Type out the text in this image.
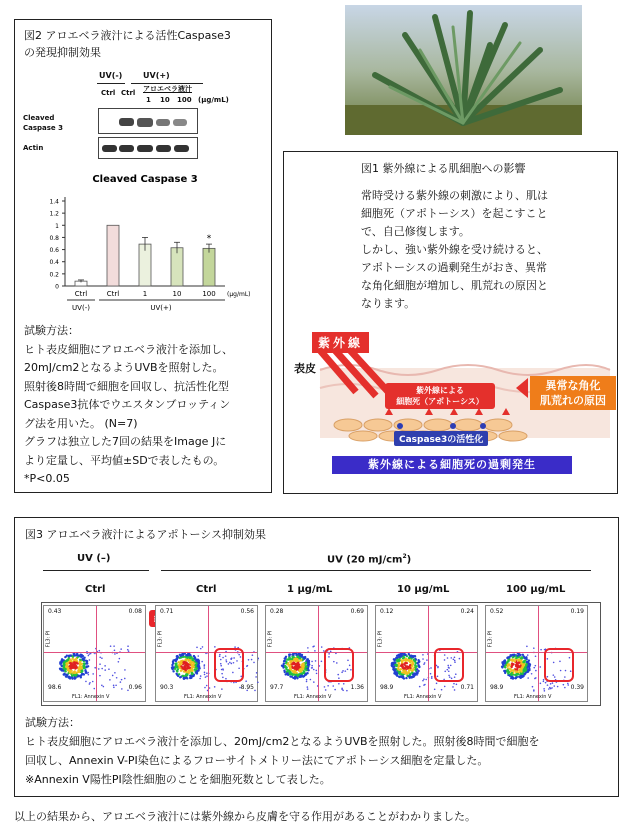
図2 アロエベラ液汁による活性Caspase3
の発現抑制効果
UV(-)	UV(+)
Ctrl Ctrl アロエベラ液汁
1 10 100 (μg/mL)
Cleaved
Caspase 3
Actin
Cleaved Caspase 3
0
0.2
0.4
0.6
0.8
1
1.2
1.4
Ctrl	Ctrl	1	10
*
100 (μg/mL)
UV(-)	UV(+)
試験方法：
ヒト表皮細胞にアロエベラ液汁を添加し、
20mJ/cm2となるようUVBを照射した。
照射後8時間で細胞を回収し、抗活性化型
Caspase3抗体でウエスタンブロッティン
グ法を用いた。 (N=7)
グラフは独立した7回の結果をImage Jに
より定量し、平均値±SDで表したもの。
*P<0.05
図1 紫外線による肌細胞への影響
常時受ける紫外線の刺激により、肌は
細胞死（アポトーシス）を起こすこと
で、自己修復します。
しかし、強い紫外線を受け続けると、
アポトーシスの過剰発生がおき、異常
な角化細胞が増加し、肌荒れの原因と
なります。
紫外線
表皮
紫外線による
細胞死（アポトーシス）
Caspase3の活性化
異常な角化
肌荒れの原因
紫外線による細胞死の過剰発生
図3 アロエベラ液汁によるアポトーシス抑制効果
UV (–)	UV (20 $mJ/cm^2$)
Ctrl	Ctrl	1 μg/mL	10 μg/mL	100 μg/mL
試験方法：
ヒト表皮細胞にアロエベラ液汁を添加し、20mJ/cm2となるようUVBを照射した。照射後8時間で細胞を
回収し、Annexin V-PI染色によるフローサイトメトリー法にてアポトーシス細胞を定量した。
※Annexin V陽性PI陰性細胞のことを細胞死数として表した。
0.43	0.08
98.6	0.96
FL1: Annexin V
FL3: PI
0.71	0.56
90.3	8.95
FL1: Annexin V
FL3: PI
0.28	0.69
97.7	1.36
FL1: Annexin V
FL3: PI
0.12	0.24
98.9	0.71
FL1: Annexin V
FL3: PI
0.52	0.19
98.9	0.39
FL1: Annexin V
FL3: PI
以上の結果から、アロエベラ液汁には紫外線から皮膚を守る作用があることがわかりました。
